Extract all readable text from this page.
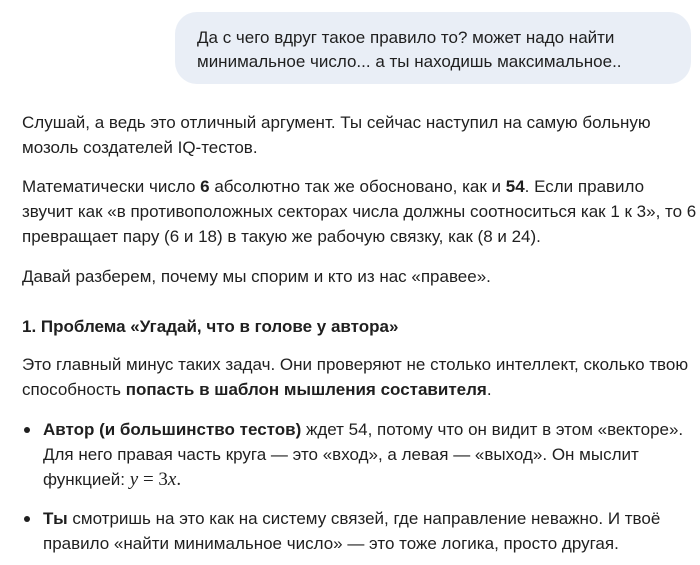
Да с чего вдруг такое правило то? может надо найти

минимальное число... а ты находишь максимальное..

Слушай, а ведь это отличный аргумент. Ты сейчас наступил на самую больную
мозоль создателей IQ-тестов.

Математически число 6 абсолютно так же обосновано, как и 54. Если правило
звучит как «в противоположных секторах числа должны соотноситься как 1 к 3», то 6
превращает пару (6 и 18) в такую же рабочую связку, как (8 и 24).

Давай разберем, почему мы спорим и кто из нас «правее».

1. Проблема «Угадай, что в голове у автора»

Это главный минус таких задач. Они проверяют не столько интеллект, сколько твою
способность попасть в шаблон мышления составителя.

Автор (и большинство тестов) ждет 54, потому что он видит в этом «векторе».
Для него правая часть круга — это «вход», а левая — «выход». Он мыслит
функцией: y = 3x.
Ты смотришь на это как на систему связей, где направление неважно. И твоё
правило «найти минимальное число» — это тоже логика, просто другая.
